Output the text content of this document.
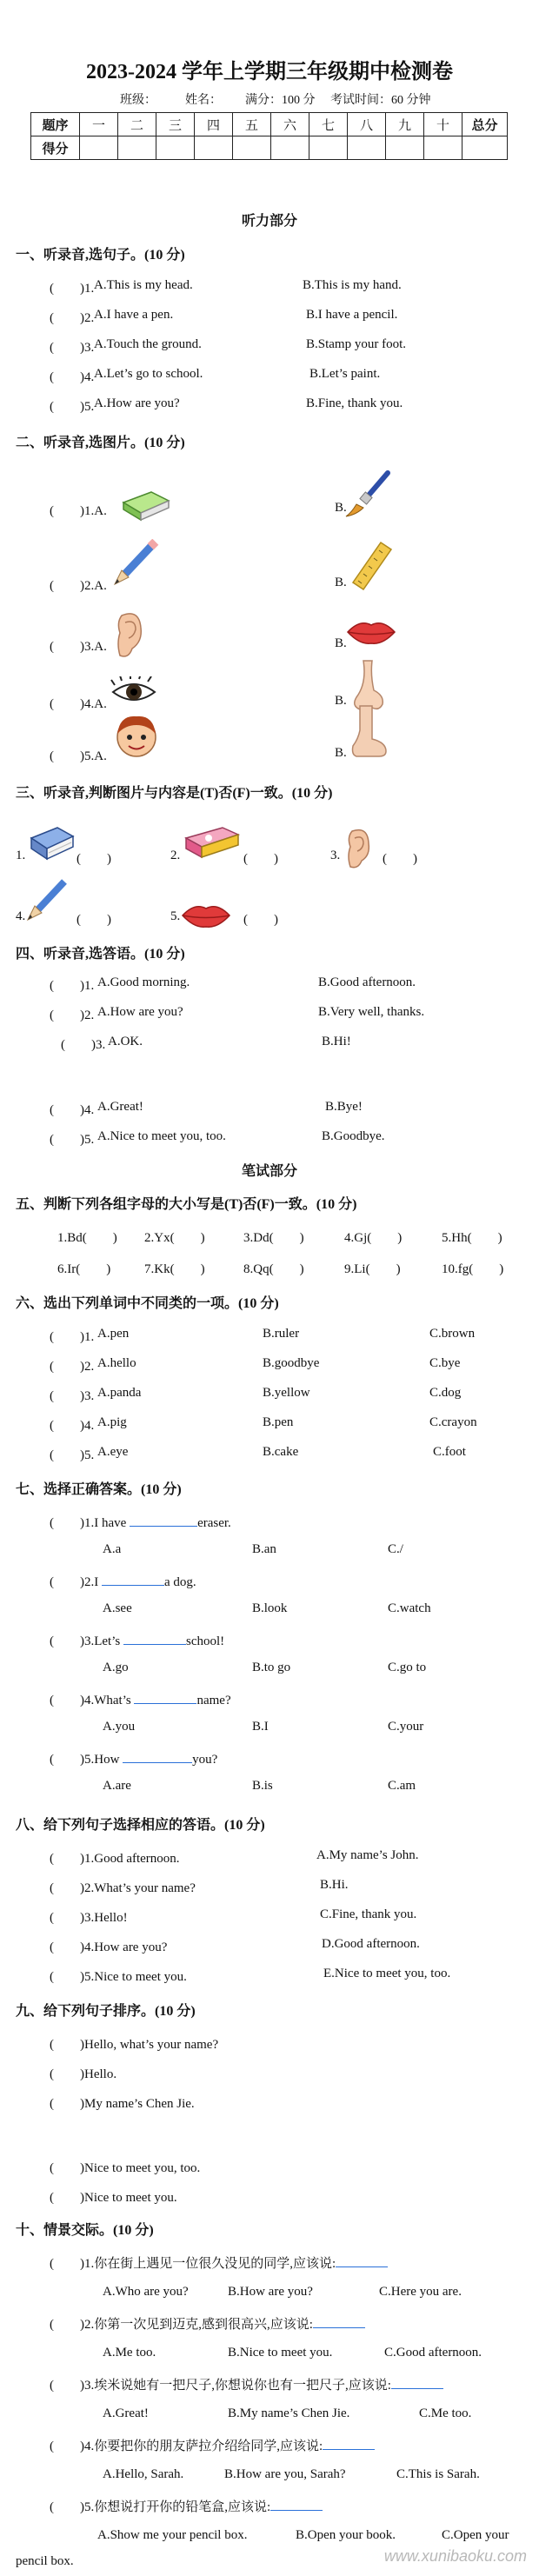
2023-2024 学年上学期三年级期中检测卷
班级： 姓名： 满分：100 分 考试时间：60 分钟
题序	一	二	三	四	五	六	七	八	九	十	总分
得分											
听力部分
一、听录音,选句子。(10 分)
(　　)1. A.This is my head.	B.This is my hand.
(　　)2. A.I have a pen.	B.I have a pencil.
(　　)3. A.Touch the ground.	B.Stamp your foot.
(　　)4. A.Let’s go to school.	B.Let’s paint.
(　　)5. A.How are you?	B.Fine, thank you.
二、听录音,选图片。(10 分)
(　　)1.A.	B.
(　　)2.A.	B.
(　　)3.A.	B.
(　　)4.A.	B.
(　　)5.A.	B.
三、听录音,判断图片与内容是(T)否(F)一致。(10 分)
1.	(　　)	2.	(　　)	3.	(　　)
4.	(　　)	5.	(　　)
四、听录音,选答语。(10 分)
(　　)1. A.Good morning.	B.Good afternoon.
(　　)2. A.How are you?	B.Very well, thanks.
(　　)3. A.OK.	B.Hi!
(　　)4. A.Great!	B.Bye!
(　　)5. A.Nice to meet you, too.	B.Goodbye.
笔试部分
五、判断下列各组字母的大小写是(T)否(F)一致。(10 分)
1.Bd(　　) 2.Yx(　　)	3.Dd(　　)	4.Gj(　　)	5.Hh(　　)
6.Ir(　　)	7.Kk(　　)	8.Qq(　　)	9.Li(　　)	10.fg(　　)
六、选出下列单词中不同类的一项。(10 分)
(　　)1. A.pen	B.ruler	C.brown
(　　)2. A.hello	B.goodbye	C.bye
(　　)3. A.panda	B.yellow	C.dog
(　　)4. A.pig	B.pen	C.crayon
(　　)5. A.eye	B.cake	C.foot
七、选择正确答案。(10 分)
(　　)1.I have	eraser.
A.a	B.an	C./
(　　)2.I	a dog.
A.see	B.look	C.watch
(　　)3.Let’s	school!
A.go	B.to go	C.go to
(　　)4.What’s	name?
A.you	B.I	C.your
(　　)5.How	you?
A.are	B.is	C.am
八、给下列句子选择相应的答语。(10 分)
(　　)1.Good afternoon.	A.My name’s John.
(　　)2.What’s your name?	B.Hi.
(　　)3.Hello!	C.Fine, thank you.
(　　)4.How are you?	D.Good afternoon.
(　　)5.Nice to meet you.	E.Nice to meet you, too.
九、给下列句子排序。(10 分)
(　　)Hello, what’s your name?
(　　)Hello.
(　　)My name’s Chen Jie.
(　　)Nice to meet you, too.
(　　)Nice to meet you.
十、情景交际。(10 分)
(　　)1.你在街上遇见一位很久没见的同学,应该说:
A.Who are you?	B.How are you?	C.Here you are.
(　　)2.你第一次见到迈克,感到很高兴,应该说:
A.Me too.	B.Nice to meet you.	C.Good afternoon.
(　　)3.埃米说她有一把尺子,你想说你也有一把尺子,应该说:
A.Great!	B.My name’s Chen Jie.	C.Me too.
(　　)4.你要把你的朋友萨拉介绍给同学,应该说:
A.Hello, Sarah.	B.How are you, Sarah?	C.This is Sarah.
(　　)5.你想说打开你的铅笔盒,应该说:
A.Show me your pencil box.	B.Open your book.	C.Open your
pencil box.	www.xunibaoku.com
